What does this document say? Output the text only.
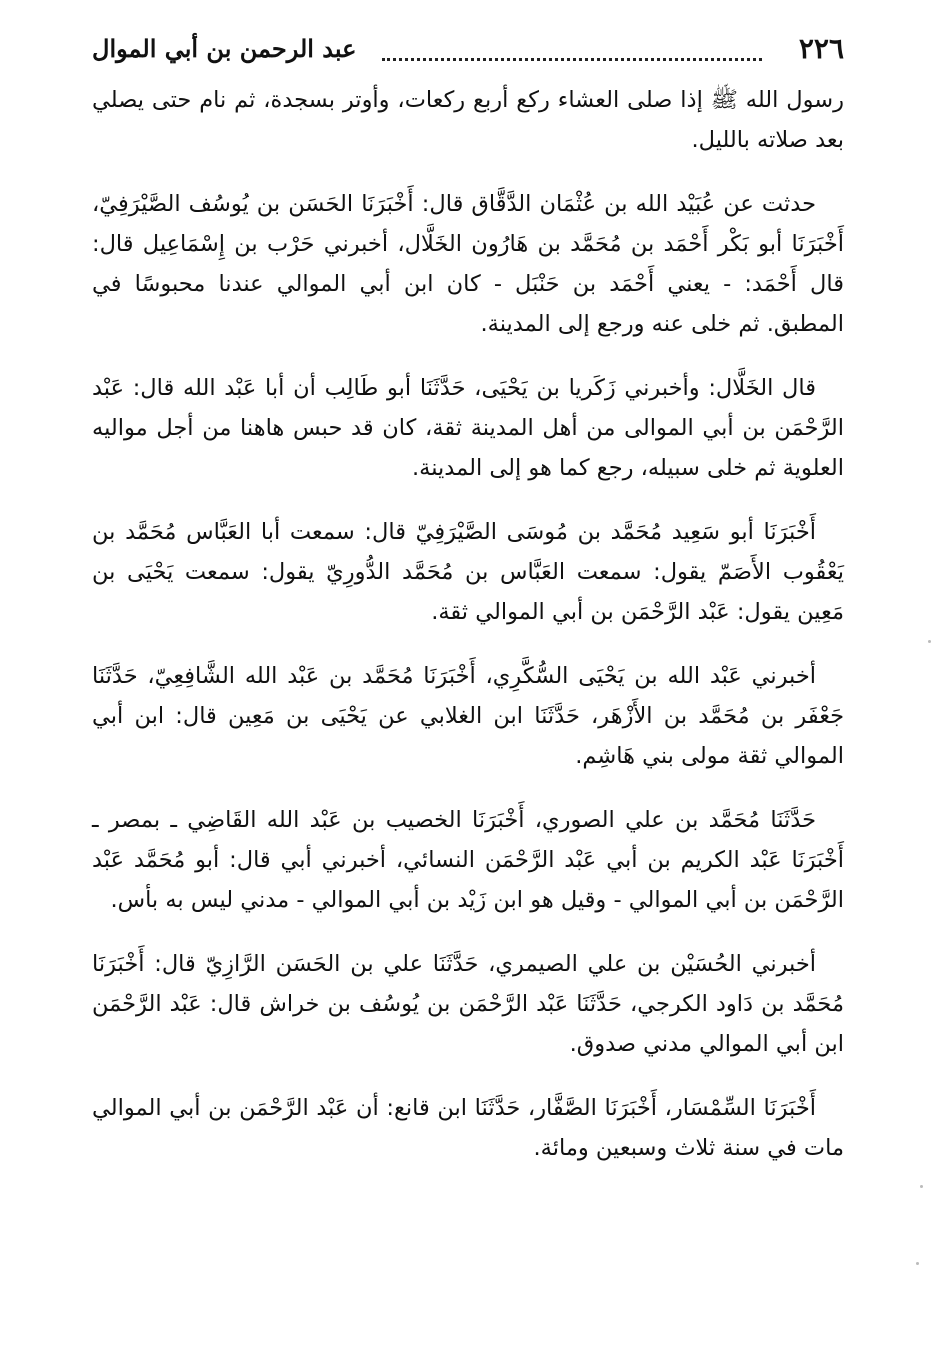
٢٢٦
عبد الرحمن بن أبي الموال

رسول الله ﷺ إذا صلى العشاء ركع أربع ركعات، وأوتر بسجدة، ثم نام حتى يصلي بعد صلاته بالليل.

حدثت عن عُبَيْد الله بن عُثْمَان الدَّقَّاق قال: أَخْبَرَنَا الحَسَن بن يُوسُف الصَّيْرَفِيّ، أَخْبَرَنَا أبو بَكْر أَحْمَد بن مُحَمَّد بن هَارُون الخَلَّال، أخبرني حَرْب بن إِسْمَاعِيل قال: قال أَحْمَد: - يعني أَحْمَد بن حَنْبَل - كان ابن أبي الموالي عندنا محبوسًا في المطبق. ثم خلى عنه ورجع إلى المدينة.

قال الخَلَّال: وأخبرني زَكَريا بن يَحْيَى، حَدَّثَنَا أبو طَالِب أن أبا عَبْد الله قال: عَبْد الرَّحْمَن بن أبي الموالى من أهل المدينة ثقة، كان قد حبس هاهنا من أجل مواليه العلوية ثم خلى سبيله، رجع كما هو إلى المدينة.

أَخْبَرَنَا أبو سَعِيد مُحَمَّد بن مُوسَى الصَّيْرَفِيّ قال: سمعت أبا العَبَّاس مُحَمَّد بن يَعْقُوب الأَصَمّ يقول: سمعت العَبَّاس بن مُحَمَّد الدُّورِيّ يقول: سمعت يَحْيَى بن مَعِين يقول: عَبْد الرَّحْمَن بن أبي الموالي ثقة.

أخبرني عَبْد الله بن يَحْيَى السُّكَّرِي، أَخْبَرَنَا مُحَمَّد بن عَبْد الله الشَّافِعِيّ، حَدَّثَنَا جَعْفَر بن مُحَمَّد بن الأَزْهَر، حَدَّثَنَا ابن الغلابي عن يَحْيَى بن مَعِين قال: ابن أبي الموالي ثقة مولى بني هَاشِم.

حَدَّثَنَا مُحَمَّد بن علي الصوري، أَخْبَرَنَا الخصيب بن عَبْد الله القَاضِي ـ بمصر ـ أَخْبَرَنَا عَبْد الكريم بن أبي عَبْد الرَّحْمَن النسائي، أخبرني أبي قال: أبو مُحَمَّد عَبْد الرَّحْمَن بن أبي الموالي - وقيل هو ابن زَيْد بن أبي الموالي - مدني ليس به بأس.

أخبرني الحُسَيْن بن علي الصيمري، حَدَّثَنَا علي بن الحَسَن الرَّازِيّ قال: أَخْبَرَنَا مُحَمَّد بن دَاود الكرجي، حَدَّثَنَا عَبْد الرَّحْمَن بن يُوسُف بن خراش قال: عَبْد الرَّحْمَن ابن أبي الموالي مدني صدوق.

أَخْبَرَنَا السِّمْسَار، أَخْبَرَنَا الصَّفَّار، حَدَّثَنَا ابن قانع: أن عَبْد الرَّحْمَن بن أبي الموالي مات في سنة ثلاث وسبعين ومائة.
